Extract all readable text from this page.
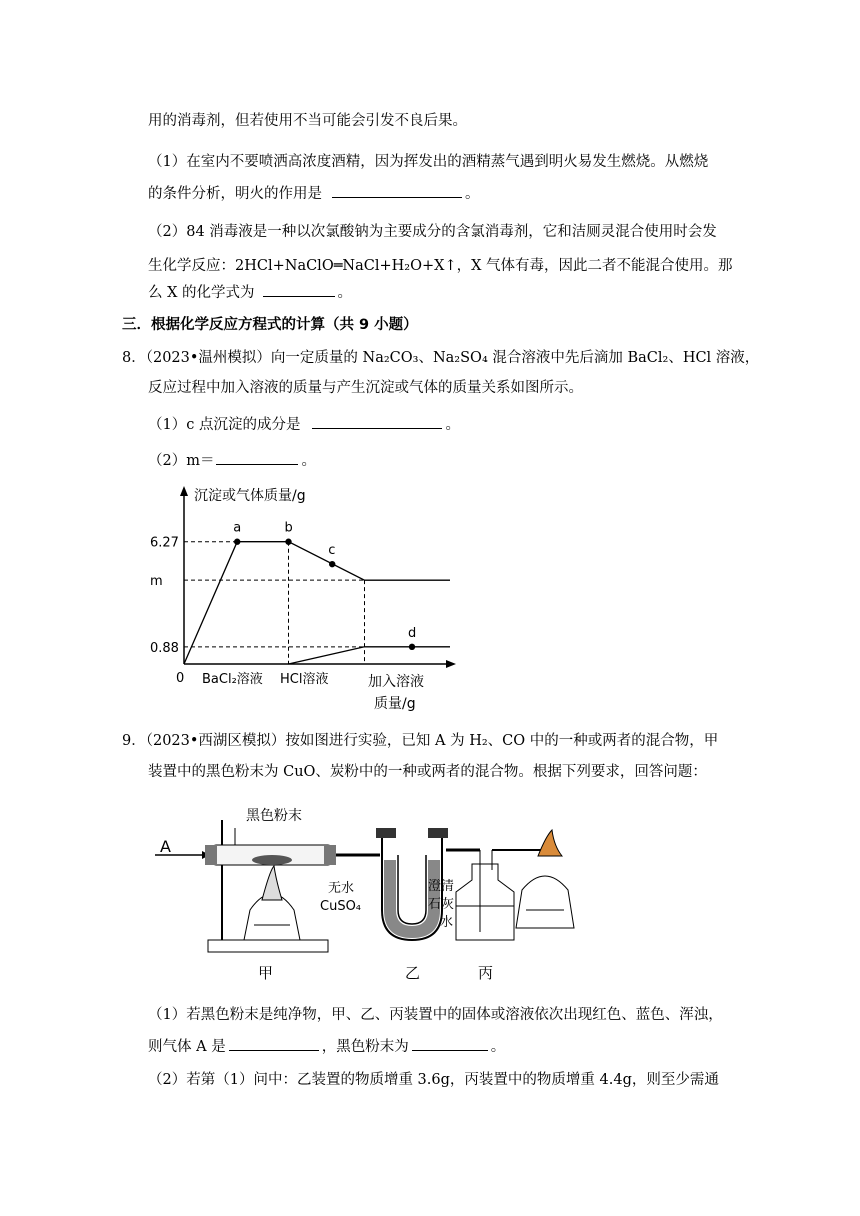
用的消毒剂，但若使用不当可能会引发不良后果。
（1）在室内不要喷洒高浓度酒精，因为挥发出的酒精蒸气遇到明火易发生燃烧。从燃烧
的条件分析，明火的作用是	。
（2）84 消毒液是一种以次氯酸钠为主要成分的含氯消毒剂，它和洁厕灵混合使用时会发
生化学反应：2HCl+NaClO═NaCl+H₂O+X↑，X 气体有毒，因此二者不能混合使用。那
么 X 的化学式为	。
三．根据化学反应方程式的计算（共 9 小题）
8．（2023•温州模拟）向一定质量的 Na₂CO₃、Na₂SO₄ 混合溶液中先后滴加 BaCl₂、HCl 溶液，
反应过程中加入溶液的质量与产生沉淀或气体的质量关系如图所示。
（1）c 点沉淀的成分是	。
（2）m＝	。
沉淀或气体质量/g
0	加入溶液
质量/g
BaCl₂溶液 HCl溶液
6.27
m
0.88
a	b
c
d
9．（2023•西湖区模拟）按如图进行实验，已知 A 为 H₂、CO 中的一种或两者的混合物，甲
装置中的黑色粉末为 CuO、炭粉中的一种或两者的混合物。根据下列要求，回答问题：
A
黑色粉末
无水
CuSO₄
澄清
石灰
水
甲	乙	丙
（1）若黑色粉末是纯净物，甲、乙、丙装置中的固体或溶液依次出现红色、蓝色、浑浊，
则气体 A 是	，黑色粉末为	。
（2）若第（1）问中：乙装置的物质增重 3.6g，丙装置中的物质增重 4.4g，则至少需通
